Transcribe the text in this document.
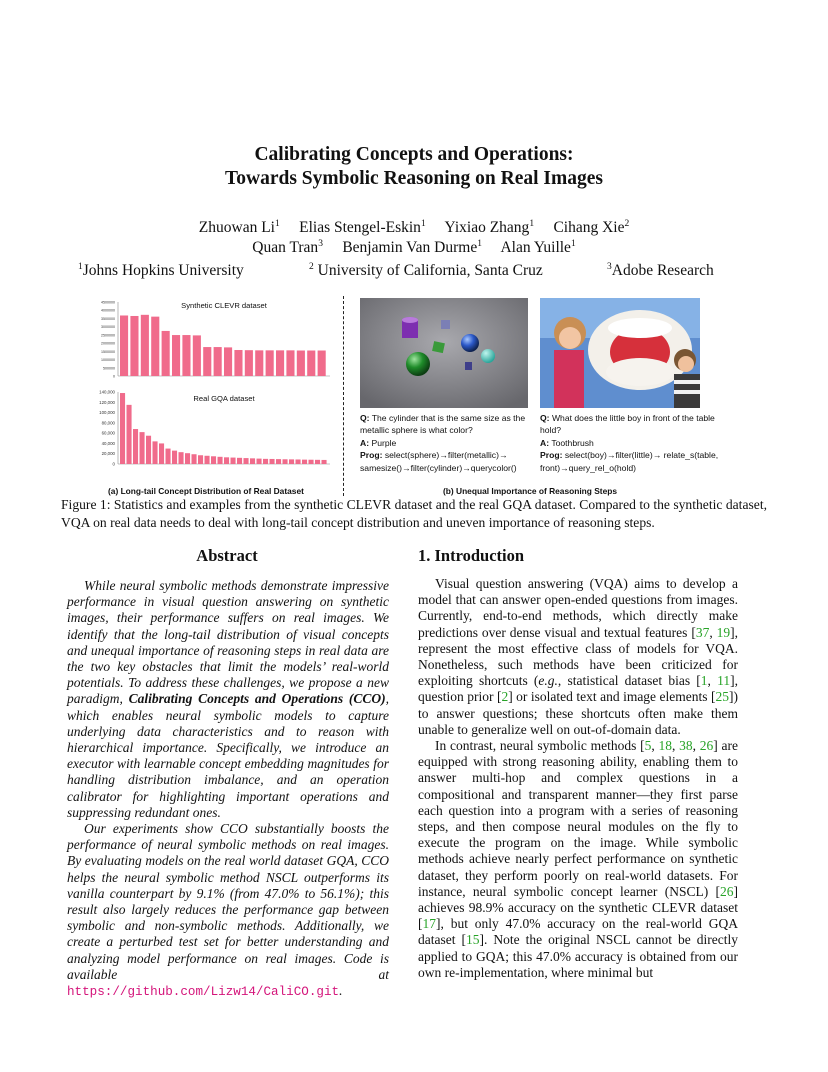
Calibrating Concepts and Operations:
Towards Symbolic Reasoning on Real Images
Zhuowan Li$^1$ Elias Stengel-Eskin$^1$ Yixiao Zhang$^1$ Cihang Xie$^2$
Quan Tran$^3$ Benjamin Van Durme$^1$ Alan Yuille$^1$
$^1$Johns Hopkins University	$^2$ University of California, Santa Cruz	$^3$Adobe Research
0
500000
1000000
1500000
2000000
2500000
3000000
3500000
4000000
4500000	Synthetic CLEVR dataset
0
20,000
40,000
60,000
80,000
100,000
120,000
140,000
Real GQA dataset
(a) Long-tail Concept Distribution of Real Dataset
Q: The cylinder that is the same size as the metallic sphere is what color?
A: Purple
Prog: select(sphere)→filter(metallic)→ samesize()→filter(cylinder)→querycolor()
Q: What does the little boy in front of the table hold?
A: Toothbrush
Prog: select(boy)→filter(little)→ relate_s(table, front)→query_rel_o(hold)
(b) Unequal Importance of Reasoning Steps
Figure 1: Statistics and examples from the synthetic CLEVR dataset and the real GQA dataset. Compared to the synthetic dataset, VQA on real data needs to deal with long-tail concept distribution and uneven importance of reasoning steps.
Abstract

While neural symbolic methods demonstrate impressive performance in visual question answering on synthetic images, their performance suffers on real images. We identify that the long-tail distribution of visual concepts and unequal importance of reasoning steps in real data are the two key obstacles that limit the models’ real-world potentials. To address these challenges, we propose a new paradigm, Calibrating Concepts and Operations (CCO), which enables neural symbolic models to capture underlying data characteristics and to reason with hierarchical importance. Specifically, we introduce an executor with learnable concept embedding magnitudes for handling distribution imbalance, and an operation calibrator for highlighting important operations and suppressing redundant ones.

Our experiments show CCO substantially boosts the performance of neural symbolic methods on real images. By evaluating models on the real world dataset GQA, CCO helps the neural symbolic method NSCL outperforms its vanilla counterpart by 9.1% (from 47.0% to 56.1%); this result also largely reduces the performance gap between symbolic and non-symbolic methods. Additionally, we create a perturbed test set for better understanding and analyzing model performance on real images. Code is available at https://github.com/Lizw14/CaliCO.git.

1. Introduction

Visual question answering (VQA) aims to develop a model that can answer open-ended questions from images. Currently, end-to-end methods, which directly make predictions over dense visual and textual features [37, 19], represent the most effective class of models for VQA. Nonetheless, such methods have been criticized for exploiting shortcuts (e.g., statistical dataset bias [1, 11], question prior [2] or isolated text and image elements [25]) to answer questions; these shortcuts often make them unable to generalize well on out-of-domain data.

In contrast, neural symbolic methods [5, 18, 38, 26] are equipped with strong reasoning ability, enabling them to answer multi-hop and complex questions in a compositional and transparent manner—they first parse each question into a program with a series of reasoning steps, and then compose neural modules on the fly to execute the program on the image. While symbolic methods achieve nearly perfect performance on synthetic dataset, they perform poorly on real-world datasets. For instance, neural symbolic concept learner (NSCL) [26] achieves 98.9% accuracy on the synthetic CLEVR dataset [17], but only 47.0% accuracy on the real-world GQA dataset [15]. Note the original NSCL cannot be directly applied to GQA; this 47.0% accuracy is obtained from our own re-implementation, where minimal but
